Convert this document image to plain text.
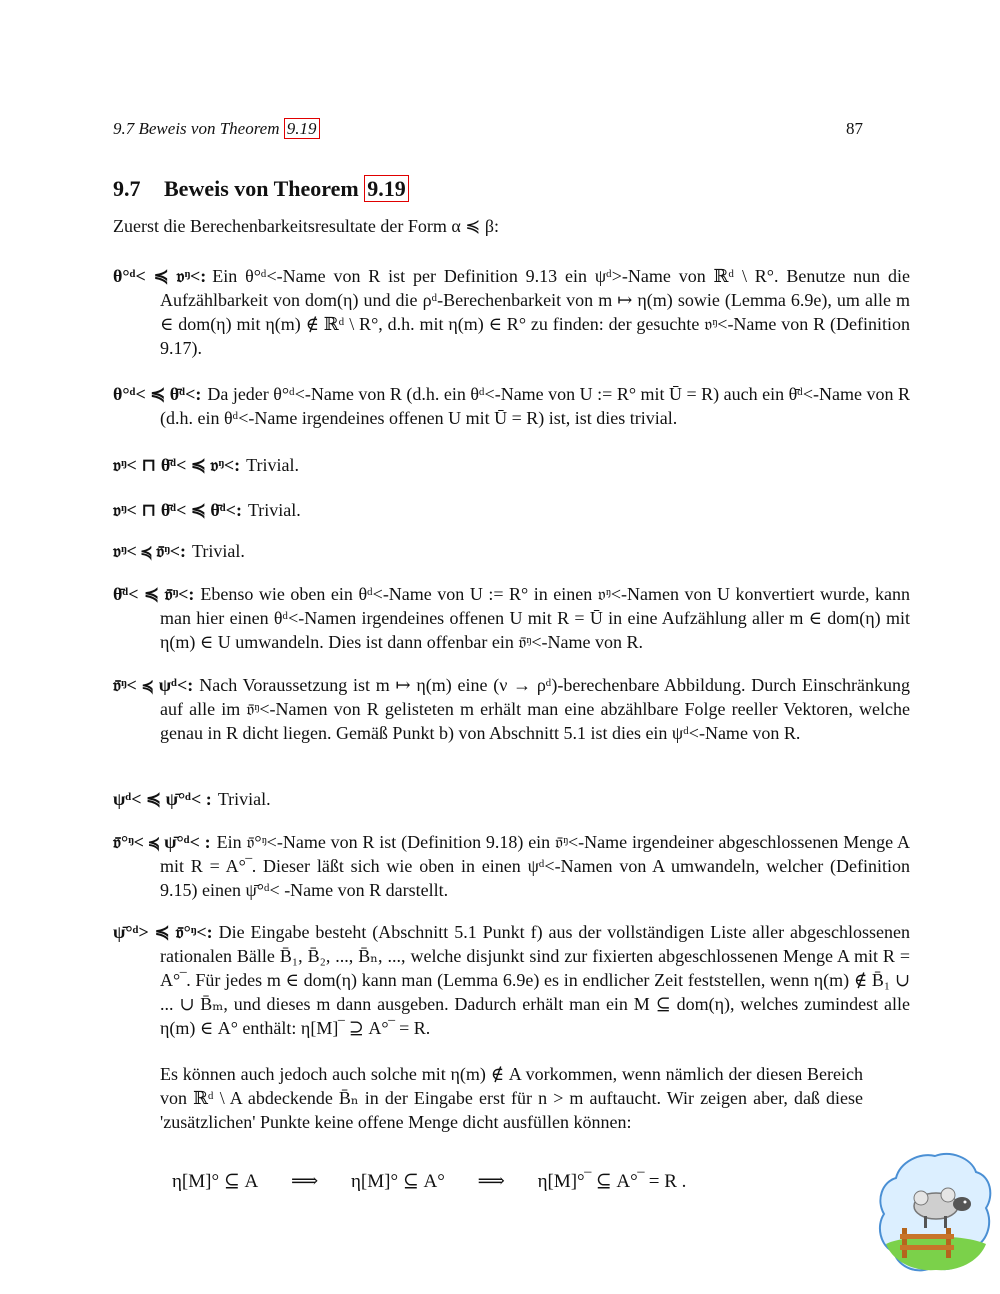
9.7 Beweis von Theorem 9.19	87
9.7 Beweis von Theorem 9.19
Zuerst die Berechenbarkeitsresultate der Form α ≼ β:
θ°ᵈ< ≼ 𝔳ᵑ<: Ein θ°ᵈ<-Name von R ist per Definition 9.13 ein ψᵈ>-Name von ℝᵈ \ R°. Benutze nun die Aufzählbarkeit von dom(η) und die ρᵈ-Berechenbarkeit von m ↦ η(m) sowie (Lemma 6.9e), um alle m ∈ dom(η) mit η(m) ∉ ℝᵈ \ R°, d.h. mit η(m) ∈ R° zu finden: der gesuchte 𝔳ᵑ<-Name von R (Definition 9.17).
θ°ᵈ< ≼ θ̄ᵈ<: Da jeder θ°ᵈ<-Name von R (d.h. ein θᵈ<-Name von U := R° mit Ū = R) auch ein θ̄ᵈ<-Name von R (d.h. ein θᵈ<-Name irgendeines offenen U mit Ū = R) ist, ist dies trivial.
𝔳ᵑ< ⊓ θ̄ᵈ< ≼ 𝔳ᵑ<: Trivial.
𝔳ᵑ< ⊓ θ̄ᵈ< ≼ θ̄ᵈ<: Trivial.
𝔳ᵑ< ≼ 𝔳̄ᵑ<: Trivial.
θ̄ᵈ< ≼ 𝔳̄ᵑ<: Ebenso wie oben ein θᵈ<-Name von U := R° in einen 𝔳ᵑ<-Namen von U konvertiert wurde, kann man hier einen θᵈ<-Namen irgendeines offenen U mit R = Ū in eine Aufzählung aller m ∈ dom(η) mit η(m) ∈ U umwandeln. Dies ist dann offenbar ein 𝔳̄ᵑ<-Name von R.
𝔳̄ᵑ< ≼ ψᵈ<: Nach Voraussetzung ist m ↦ η(m) eine (ν → ρᵈ)-berechenbare Abbildung. Durch Einschränkung auf alle im 𝔳̄ᵑ<-Namen von R gelisteten m erhält man eine abzählbare Folge reeller Vektoren, welche genau in R dicht liegen. Gemäß Punkt b) von Abschnitt 5.1 ist dies ein ψᵈ<-Name von R.
ψᵈ< ≼ ψ̄°ᵈ< : Trivial.
𝔳̄°ᵑ< ≼ ψ̄°ᵈ< : Ein 𝔳̄°ᵑ<-Name von R ist (Definition 9.18) ein 𝔳̄ᵑ<-Name irgendeiner abgeschlossenen Menge A mit R = A°‾. Dieser läßt sich wie oben in einen ψᵈ<-Namen von A umwandeln, welcher (Definition 9.15) einen ψ̄°ᵈ< -Name von R darstellt.
ψ̄°ᵈ> ≼ 𝔳̄°ᵑ<: Die Eingabe besteht (Abschnitt 5.1 Punkt f) aus der vollständigen Liste aller abgeschlossenen rationalen Bälle B̄₁, B̄₂, ..., B̄ₙ, ..., welche disjunkt sind zur fixierten abgeschlossenen Menge A mit R = A°‾. Für jedes m ∈ dom(η) kann man (Lemma 6.9e) es in endlicher Zeit feststellen, wenn η(m) ∉ B̄₁ ∪ ... ∪ B̄ₘ, und dieses m dann ausgeben. Dadurch erhält man ein M ⊆ dom(η), welches zumindest alle η(m) ∈ A° enthält: η[M]‾ ⊇ A°‾ = R.
Es können auch jedoch auch solche mit η(m) ∉ A vorkommen, wenn nämlich der diesen Bereich von ℝᵈ \ A abdeckende B̄ₙ in der Eingabe erst für n > m auftaucht. Wir zeigen aber, daß diese 'zusätzlichen' Punkte keine offene Menge dicht ausfüllen können:
η[M]° ⊆ A ⟹ η[M]° ⊆ A° ⟹ η[M]°‾ ⊆ A°‾ = R .
